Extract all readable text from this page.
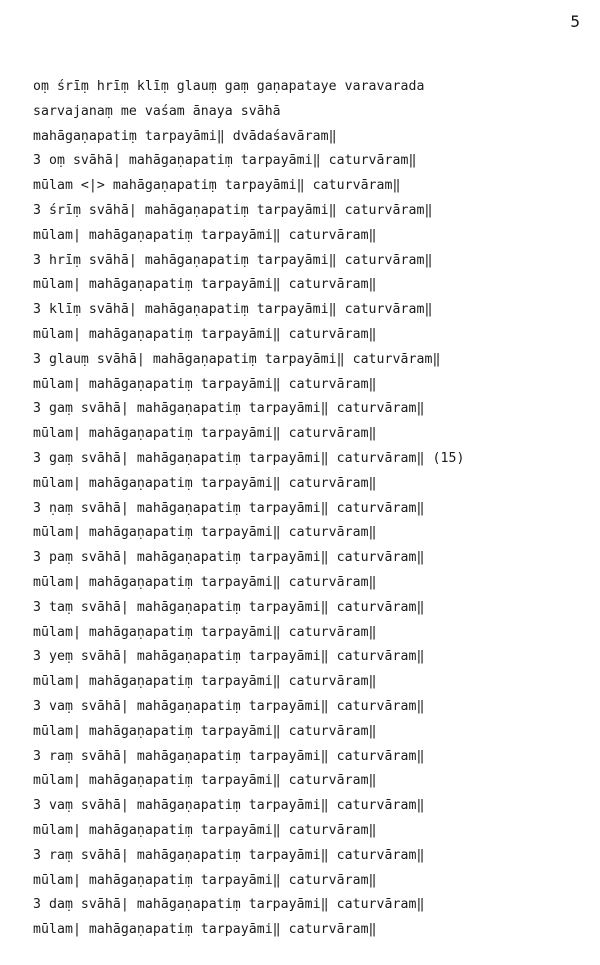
5
oṃ śrīṃ hrīṃ klīṃ glauṃ gaṃ gaṇapataye varavarada
sarvajanaṃ me vaśam ānaya svāhā
mahāgaṇapatiṃ tarpayāmi‖ dvādaśavāram‖
3 oṃ svāhā| mahāgaṇapatiṃ tarpayāmi‖ caturvāram‖
mūlam <|> mahāgaṇapatiṃ tarpayāmi‖ caturvāram‖
3 śrīṃ svāhā| mahāgaṇapatiṃ tarpayāmi‖ caturvāram‖
mūlam| mahāgaṇapatiṃ tarpayāmi‖ caturvāram‖
3 hrīṃ svāhā| mahāgaṇapatiṃ tarpayāmi‖ caturvāram‖
mūlam| mahāgaṇapatiṃ tarpayāmi‖ caturvāram‖
3 klīṃ svāhā| mahāgaṇapatiṃ tarpayāmi‖ caturvāram‖
mūlam| mahāgaṇapatiṃ tarpayāmi‖ caturvāram‖
3 glauṃ svāhā| mahāgaṇapatiṃ tarpayāmi‖ caturvāram‖
mūlam| mahāgaṇapatiṃ tarpayāmi‖ caturvāram‖
3 gaṃ svāhā| mahāgaṇapatiṃ tarpayāmi‖ caturvāram‖
mūlam| mahāgaṇapatiṃ tarpayāmi‖ caturvāram‖
3 gaṃ svāhā| mahāgaṇapatiṃ tarpayāmi‖ caturvāram‖ (15)
mūlam| mahāgaṇapatiṃ tarpayāmi‖ caturvāram‖
3 ṇaṃ svāhā| mahāgaṇapatiṃ tarpayāmi‖ caturvāram‖
mūlam| mahāgaṇapatiṃ tarpayāmi‖ caturvāram‖
3 paṃ svāhā| mahāgaṇapatiṃ tarpayāmi‖ caturvāram‖
mūlam| mahāgaṇapatiṃ tarpayāmi‖ caturvāram‖
3 taṃ svāhā| mahāgaṇapatiṃ tarpayāmi‖ caturvāram‖
mūlam| mahāgaṇapatiṃ tarpayāmi‖ caturvāram‖
3 yeṃ svāhā| mahāgaṇapatiṃ tarpayāmi‖ caturvāram‖
mūlam| mahāgaṇapatiṃ tarpayāmi‖ caturvāram‖
3 vaṃ svāhā| mahāgaṇapatiṃ tarpayāmi‖ caturvāram‖
mūlam| mahāgaṇapatiṃ tarpayāmi‖ caturvāram‖
3 raṃ svāhā| mahāgaṇapatiṃ tarpayāmi‖ caturvāram‖
mūlam| mahāgaṇapatiṃ tarpayāmi‖ caturvāram‖
3 vaṃ svāhā| mahāgaṇapatiṃ tarpayāmi‖ caturvāram‖
mūlam| mahāgaṇapatiṃ tarpayāmi‖ caturvāram‖
3 raṃ svāhā| mahāgaṇapatiṃ tarpayāmi‖ caturvāram‖
mūlam| mahāgaṇapatiṃ tarpayāmi‖ caturvāram‖
3 daṃ svāhā| mahāgaṇapatiṃ tarpayāmi‖ caturvāram‖
mūlam| mahāgaṇapatiṃ tarpayāmi‖ caturvāram‖
